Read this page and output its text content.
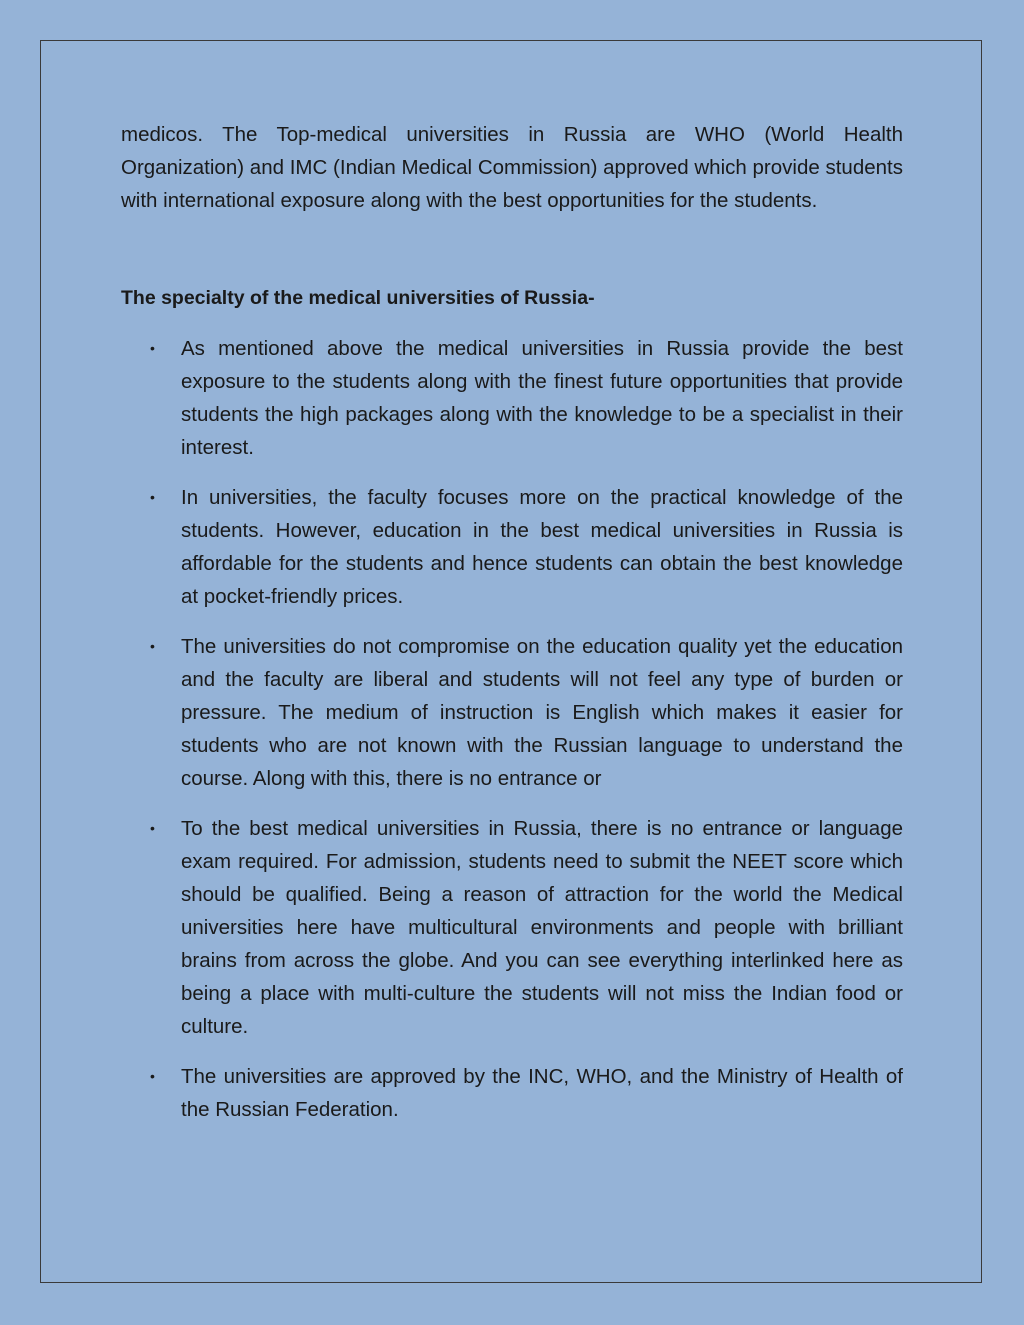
medicos. The Top-medical universities in Russia are WHO (World Health Organization) and IMC (Indian Medical Commission) approved which provide students with international exposure along with the best opportunities for the students.

The specialty of the medical universities of Russia-

• As mentioned above the medical universities in Russia provide the best exposure to the students along with the finest future opportunities that provide students the high packages along with the knowledge to be a specialist in their interest.
• In universities, the faculty focuses more on the practical knowledge of the students. However, education in the best medical universities in Russia is affordable for the students and hence students can obtain the best knowledge at pocket-friendly prices.
• The universities do not compromise on the education quality yet the education and the faculty are liberal and students will not feel any type of burden or pressure. The medium of instruction is English which makes it easier for students who are not known with the Russian language to understand the course. Along with this, there is no entrance or
• To the best medical universities in Russia, there is no entrance or language exam required. For admission, students need to submit the NEET score which should be qualified. Being a reason of attraction for the world the Medical universities here have multicultural environments and people with brilliant brains from across the globe. And you can see everything interlinked here as being a place with multi-culture the students will not miss the Indian food or culture.
• The universities are approved by the INC, WHO, and the Ministry of Health of the Russian Federation.
